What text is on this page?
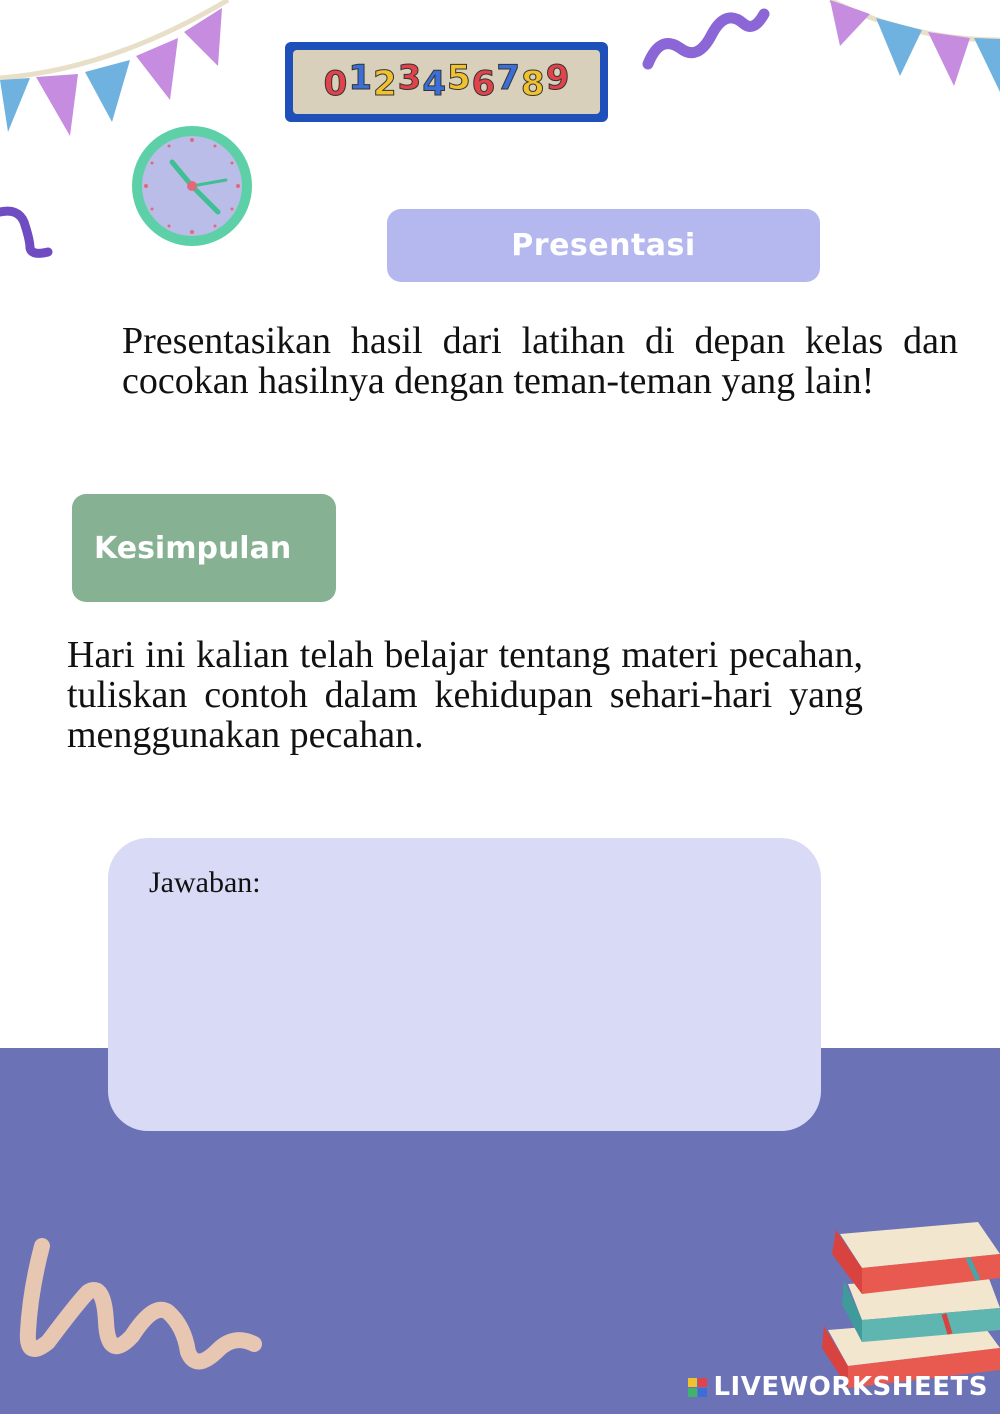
0 1 2 3 4 5 6 7 8 9
Presentasi
Presentasikan hasil dari latihan di depan kelas dan cocokan hasilnya dengan teman-teman yang lain!
Kesimpulan
Hari ini kalian telah belajar tentang materi pecahan, tuliskan contoh dalam kehidupan sehari-hari yang menggunakan pecahan.
Jawaban:
LIVEWORKSHEETS
